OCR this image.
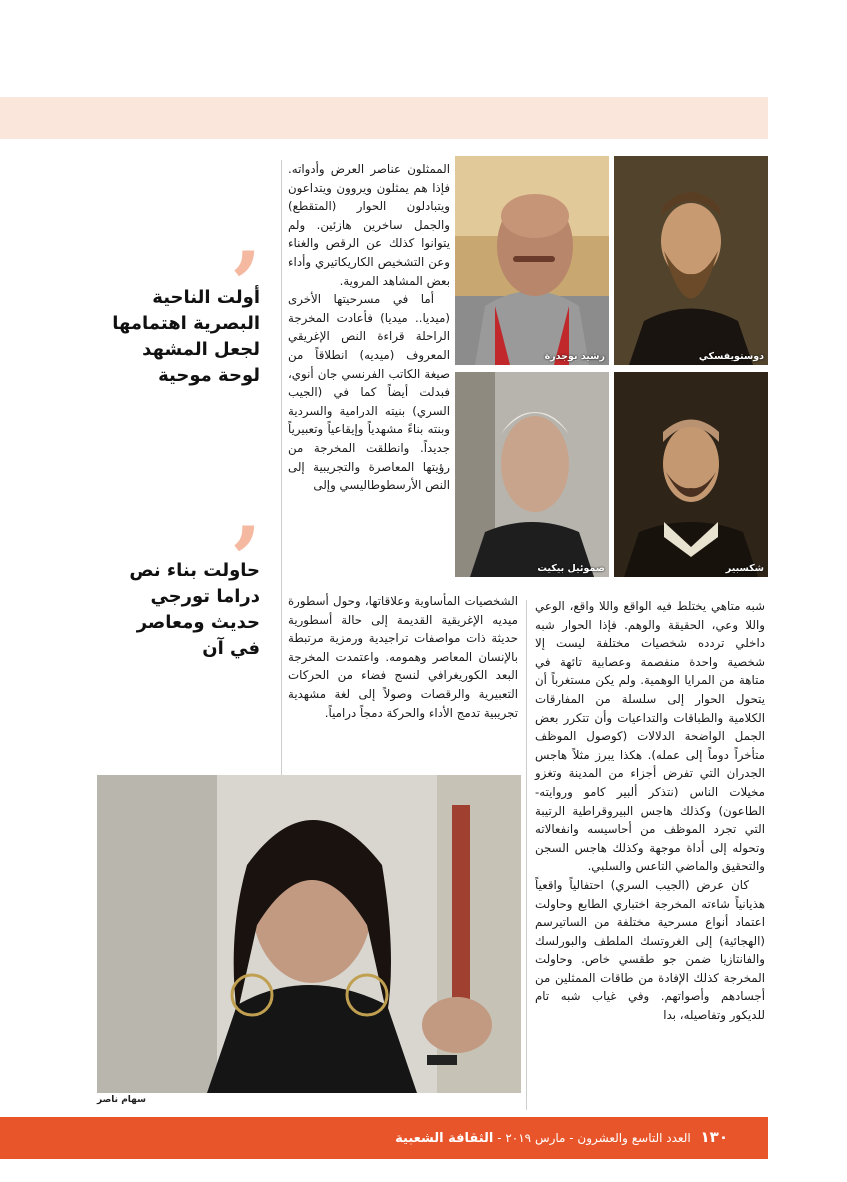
’
أولت الناحية البصرية اهتمامها لجعل المشهد لوحة موحية
’
حاولت بناء نص دراما تورجي حديث ومعاصر في آن

الممثلون عناصر العرض وأدواته. فإذا هم يمثلون ويروون ويتداعون ويتبادلون الحوار (المتقطع) والجمل ساخرين هازئين. ولم يتوانوا كذلك عن الرقص والغناء وعن التشخيص الكاريكاتيري وأداء بعض المشاهد المروية.

أما في مسرحيتها الأخرى (ميديا.. ميديا) فأعادت المخرجة الراحلة قراءة النص الإغريقي المعروف (ميديه) انطلاقاً من صيغة الكاتب الفرنسي جان أنوي، فبدلت أيضاً كما في (الجيب السري) بنيته الدرامية والسردية وبنته بناءً مشهدياً وإيقاعياً وتعبيرياً جديداً. وانطلقت المخرجة من رؤيتها المعاصرة والتجريبية إلى النص الأرسطوطاليسي وإلى

الشخصيات المأساوية وعلاقاتها، وحول أسطورة ميديه الإغريقية القديمة إلى حالة أسطورية حديثة ذات مواصفات تراجيدية ورمزية مرتبطة بالإنسان المعاصر وهمومه. واعتمدت المخرجة البعد الكوريغرافي لنسج فضاء من الحركات التعبيرية والرقصات وصولاً إلى لغة مشهدية تجريبية تدمج الأداء والحركة دمجاً درامياً.

شبه متاهي يختلط فيه الواقع واللا واقع، الوعي واللا وعي، الحقيقة والوهم. فإذا الحوار شبه داخلي تردده شخصيات مختلفة ليست إلا شخصية واحدة منفصمة وعصابية تائهة في متاهة من المرايا الوهمية. ولم يكن مستغرباً أن يتحول الحوار إلى سلسلة من المفارقات الكلامية والطباقات والتداعيات وأن تتكرر بعض الجمل الواضحة الدلالات (كوصول الموظف متأخراً دوماً إلى عمله). هكذا يبرز مثلاً هاجس الجدران التي تفرض أجزاء من المدينة وتغزو مخيلات الناس (نتذكر ألبير كامو وروايته- الطاعون) وكذلك هاجس البيروقراطية الرتيبة التي تجرد الموظف من أحاسيسه وانفعالاته وتحوله إلى أداة موجهة وكذلك هاجس السجن والتحقيق والماضي التاعس والسلبي.

كان عرض (الجيب السري) احتفالياً واقعياً هذيانياً شاءته المخرجة اختباري الطابع وحاولت اعتماد أنواع مسرحية مختلفة من الساتيرسم (الهجائية) إلى الغروتسك الملطف والبورلسك والفانتازيا ضمن جو طقسي خاص. وحاولت المخرجة كذلك الإفادة من طاقات الممثلين من أجسادهم وأصواتهم. وفي غياب شبه تام للديكور وتفاصيله، بدا

رشيد بوجدرة	دوستويفسكي
صموئيل بيكيت	شكسبير
سهام ناصر
١٣٠ العدد التاسع والعشرون - مارس ٢٠١٩ - الثقافة الشعبية
